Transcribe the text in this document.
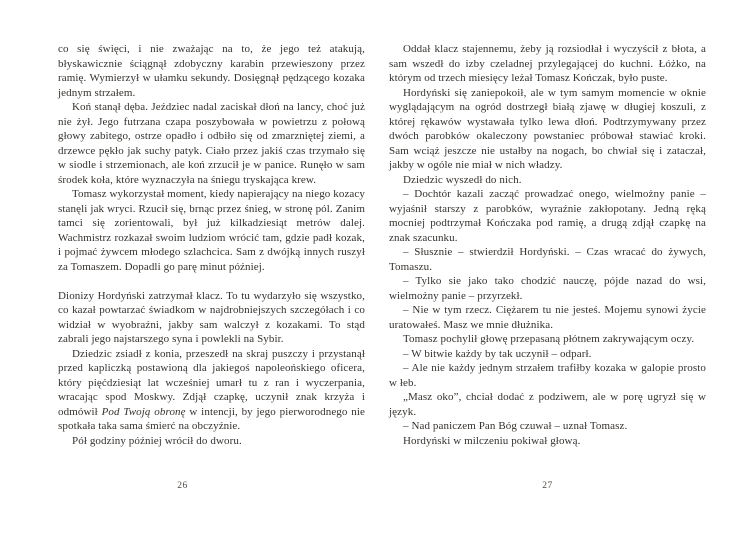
co się święci, i nie zważając na to, że jego też atakują, błyskawicznie ściągnął zdobyczny karabin przewieszony przez ramię. Wymierzył w ułamku sekundy. Dosięgnął pędzącego kozaka jednym strzałem.

Koń stanął dęba. Jeździec nadal zaciskał dłoń na lancy, choć już nie żył. Jego futrzana czapa poszybowała w powietrzu z połową głowy zabitego, ostrze opadło i odbiło się od zmarzniętej ziemi, a drzewce pękło jak suchy patyk. Ciało przez jakiś czas trzymało się w siodle i strzemionach, ale koń zrzucił je w panice. Runęło w sam środek koła, które wyznaczyła na śniegu tryskająca krew.

Tomasz wykorzystał moment, kiedy napierający na niego kozacy stanęli jak wryci. Rzucił się, brnąc przez śnieg, w stronę pól. Zanim tamci się zorientowali, był już kilkadziesiąt metrów dalej. Wachmistrz rozkazał swoim ludziom wrócić tam, gdzie padł kozak, i pojmać żywcem młodego szlachcica. Sam z dwójką innych ruszył za Tomaszem. Dopadli go parę minut później.

Dionizy Hordyński zatrzymał klacz. To tu wydarzyło się wszystko, co kazał powtarzać świadkom w najdrobniejszych szczegółach i co widział w wyobraźni, jakby sam walczył z kozakami. To stąd zabrali jego najstarszego syna i powlekli na Sybir.

Dziedzic zsiadł z konia, przeszedł na skraj puszczy i przystanął przed kapliczką postawioną dla jakiegoś napoleońskiego oficera, który pięćdziesiąt lat wcześniej umarł tu z ran i wyczerpania, wracając spod Moskwy. Zdjął czapkę, uczynił znak krzyża i odmówił Pod Twoją obronę w intencji, by jego pierworodnego nie spotkała taka sama śmierć na obczyźnie.

Pół godziny później wrócił do dworu.

26

Oddał klacz stajennemu, żeby ją rozsiodłał i wyczyścił z błota, a sam wszedł do izby czeladnej przylegającej do kuchni. Łóżko, na którym od trzech miesięcy leżał Tomasz Kończak, było puste.

Hordyński się zaniepokoił, ale w tym samym momencie w oknie wyglądającym na ogród dostrzegł białą zjawę w długiej koszuli, z której rękawów wystawała tylko lewa dłoń. Podtrzymywany przez dwóch parobków okaleczony powstaniec próbował stawiać kroki. Sam wciąż jeszcze nie ustałby na nogach, bo chwiał się i zataczał, jakby w ogóle nie miał w nich władzy.

Dziedzic wyszedł do nich.

– Dochtór kazali zacząć prowadzać onego, wielmożny panie – wyjaśnił starszy z parobków, wyraźnie zakłopotany. Jedną ręką mocniej podtrzymał Kończaka pod ramię, a drugą zdjął czapkę na znak szacunku.

– Słusznie – stwierdził Hordyński. – Czas wracać do żywych, Tomaszu.

– Tylko sie jako tako chodzić nauczę, pójde nazad do wsi, wielmożny panie – przyrzekł.

– Nie w tym rzecz. Ciężarem tu nie jesteś. Mojemu synowi życie uratowałeś. Masz we mnie dłużnika.

Tomasz pochylił głowę przepasaną płótnem zakrywającym oczy.

– W bitwie każdy by tak uczynił – odparł.

– Ale nie każdy jednym strzałem trafiłby kozaka w galopie prosto w łeb.

„Masz oko”, chciał dodać z podziwem, ale w porę ugryzł się w język.

– Nad paniczem Pan Bóg czuwał – uznał Tomasz.

Hordyński w milczeniu pokiwał głową.

27
